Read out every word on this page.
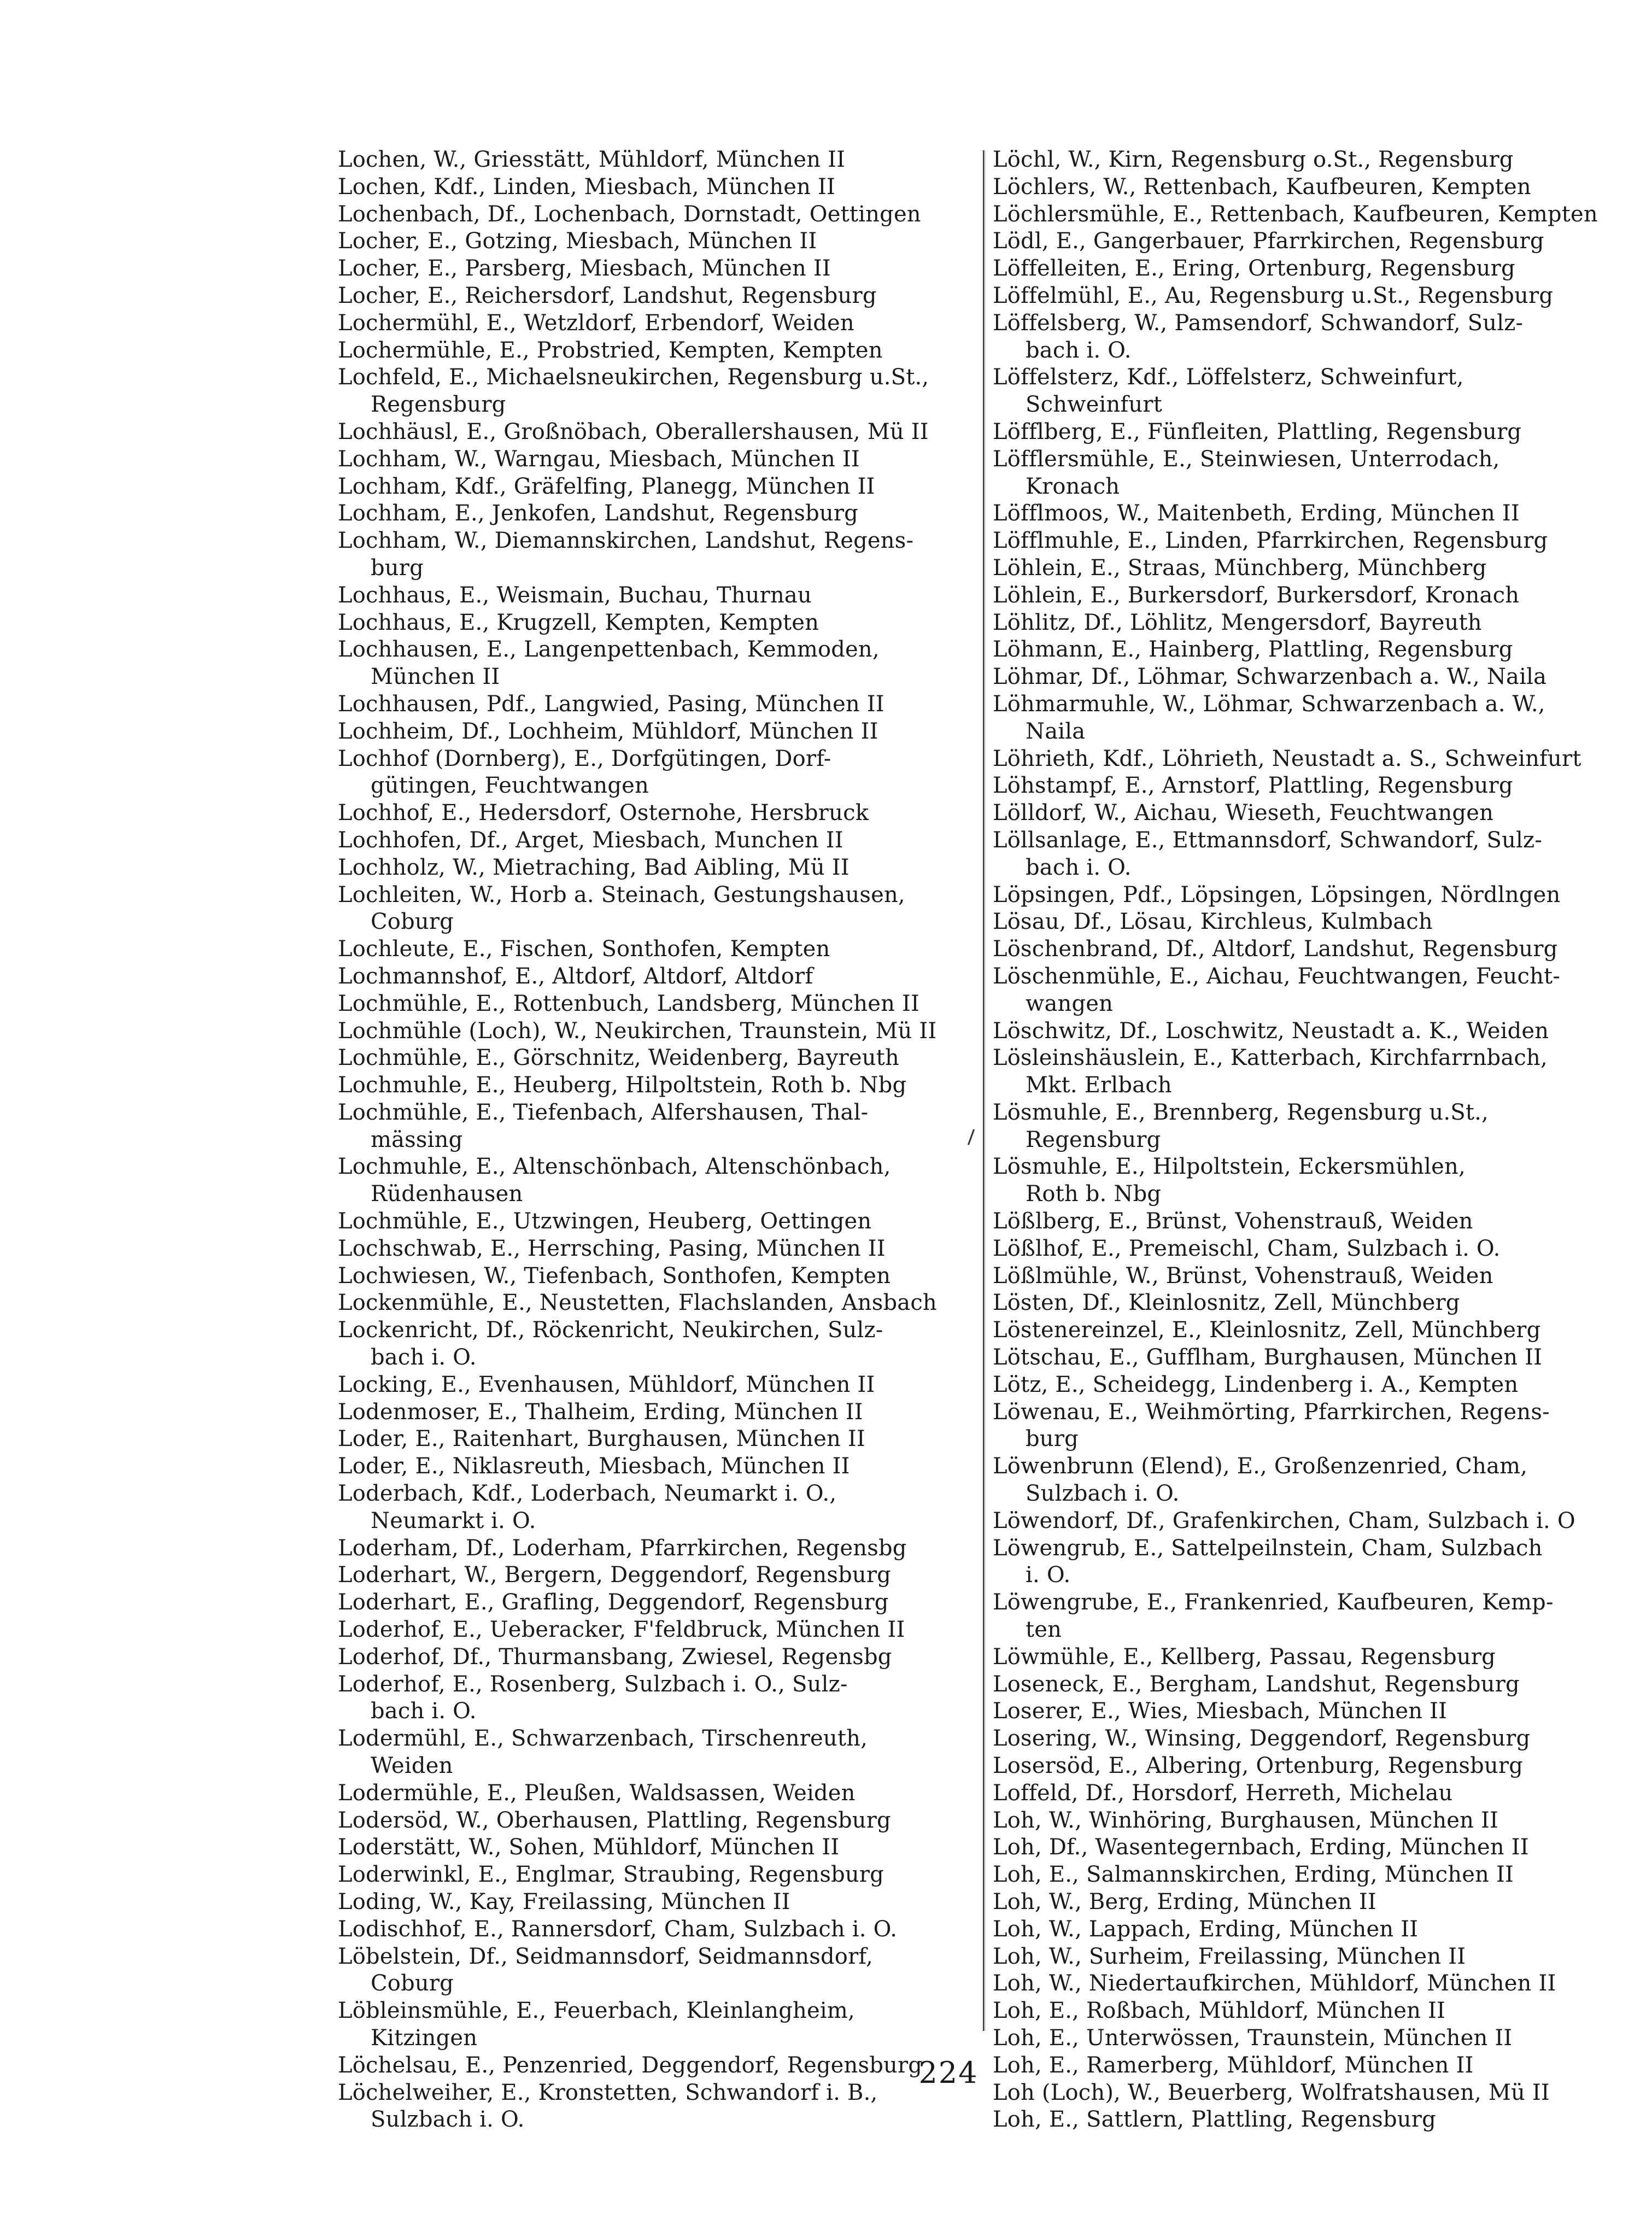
Lochen, W., Griesstätt, Mühldorf, München II
Lochen, Kdf., Linden, Miesbach, München II
Lochenbach, Df., Lochenbach, Dornstadt, Oettingen
Locher, E., Gotzing, Miesbach, München II
Locher, E., Parsberg, Miesbach, München II
Locher, E., Reichersdorf, Landshut, Regensburg
Lochermühl, E., Wetzldorf, Erbendorf, Weiden
Lochermühle, E., Probstried, Kempten, Kempten
Lochfeld, E., Michaelsneukirchen, Regensburg u.St.,
Regensburg
Lochhäusl, E., Großnöbach, Oberallershausen, Mü II
Lochham, W., Warngau, Miesbach, München II
Lochham, Kdf., Gräfelfing, Planegg, München II
Lochham, E., Jenkofen, Landshut, Regensburg
Lochham, W., Diemannskirchen, Landshut, Regens-
burg
Lochhaus, E., Weismain, Buchau, Thurnau
Lochhaus, E., Krugzell, Kempten, Kempten
Lochhausen, E., Langenpettenbach, Kemmoden,
München II
Lochhausen, Pdf., Langwied, Pasing, München II
Lochheim, Df., Lochheim, Mühldorf, München II
Lochhof (Dornberg), E., Dorfgütingen, Dorf-
gütingen, Feuchtwangen
Lochhof, E., Hedersdorf, Osternohe, Hersbruck
Lochhofen, Df., Arget, Miesbach, Munchen II
Lochholz, W., Mietraching, Bad Aibling, Mü II
Lochleiten, W., Horb a. Steinach, Gestungshausen,
Coburg
Lochleute, E., Fischen, Sonthofen, Kempten
Lochmannshof, E., Altdorf, Altdorf, Altdorf
Lochmühle, E., Rottenbuch, Landsberg, München II
Lochmühle (Loch), W., Neukirchen, Traunstein, Mü II
Lochmühle, E., Görschnitz, Weidenberg, Bayreuth
Lochmuhle, E., Heuberg, Hilpoltstein, Roth b. Nbg
Lochmühle, E., Tiefenbach, Alfershausen, Thal-
mässing
Lochmuhle, E., Altenschönbach, Altenschönbach,
Rüdenhausen
Lochmühle, E., Utzwingen, Heuberg, Oettingen
Lochschwab, E., Herrsching, Pasing, München II
Lochwiesen, W., Tiefenbach, Sonthofen, Kempten
Lockenmühle, E., Neustetten, Flachslanden, Ansbach
Lockenricht, Df., Röckenricht, Neukirchen, Sulz-
bach i. O.
Locking, E., Evenhausen, Mühldorf, München II
Lodenmoser, E., Thalheim, Erding, München II
Loder, E., Raitenhart, Burghausen, München II
Loder, E., Niklasreuth, Miesbach, München II
Loderbach, Kdf., Loderbach, Neumarkt i. O.,
Neumarkt i. O.
Loderham, Df., Loderham, Pfarrkirchen, Regensbg
Loderhart, W., Bergern, Deggendorf, Regensburg
Loderhart, E., Grafling, Deggendorf, Regensburg
Loderhof, E., Ueberacker, F'feldbruck, München II
Loderhof, Df., Thurmansbang, Zwiesel, Regensbg
Loderhof, E., Rosenberg, Sulzbach i. O., Sulz-
bach i. O.
Lodermühl, E., Schwarzenbach, Tirschenreuth,
Weiden
Lodermühle, E., Pleußen, Waldsassen, Weiden
Lodersöd, W., Oberhausen, Plattling, Regensburg
Loderstätt, W., Sohen, Mühldorf, München II
Loderwinkl, E., Englmar, Straubing, Regensburg
Loding, W., Kay, Freilassing, München II
Lodischhof, E., Rannersdorf, Cham, Sulzbach i. O.
Löbelstein, Df., Seidmannsdorf, Seidmannsdorf,
Coburg
Löbleinsmühle, E., Feuerbach, Kleinlangheim,
Kitzingen
Löchelsau, E., Penzenried, Deggendorf, Regensburg
Löchelweiher, E., Kronstetten, Schwandorf i. B.,
Sulzbach i. O.
Löchl, W., Kirn, Regensburg o.St., Regensburg
Löchlers, W., Rettenbach, Kaufbeuren, Kempten
Löchlersmühle, E., Rettenbach, Kaufbeuren, Kempten
Lödl, E., Gangerbauer, Pfarrkirchen, Regensburg
Löffelleiten, E., Ering, Ortenburg, Regensburg
Löffelmühl, E., Au, Regensburg u.St., Regensburg
Löffelsberg, W., Pamsendorf, Schwandorf, Sulz-
bach i. O.
Löffelsterz, Kdf., Löffelsterz, Schweinfurt,
Schweinfurt
Löfflberg, E., Fünfleiten, Plattling, Regensburg
Löfflersmühle, E., Steinwiesen, Unterrodach,
Kronach
Löfflmoos, W., Maitenbeth, Erding, München II
Löfflmuhle, E., Linden, Pfarrkirchen, Regensburg
Löhlein, E., Straas, Münchberg, Münchberg
Löhlein, E., Burkersdorf, Burkersdorf, Kronach
Löhlitz, Df., Löhlitz, Mengersdorf, Bayreuth
Löhmann, E., Hainberg, Plattling, Regensburg
Löhmar, Df., Löhmar, Schwarzenbach a. W., Naila
Löhmarmuhle, W., Löhmar, Schwarzenbach a. W.,
Naila
Löhrieth, Kdf., Löhrieth, Neustadt a. S., Schweinfurt
Löhstampf, E., Arnstorf, Plattling, Regensburg
Lölldorf, W., Aichau, Wieseth, Feuchtwangen
Löllsanlage, E., Ettmannsdorf, Schwandorf, Sulz-
bach i. O.
Löpsingen, Pdf., Löpsingen, Löpsingen, Nördlngen
Lösau, Df., Lösau, Kirchleus, Kulmbach
Löschenbrand, Df., Altdorf, Landshut, Regensburg
Löschenmühle, E., Aichau, Feuchtwangen, Feucht-
wangen
Löschwitz, Df., Loschwitz, Neustadt a. K., Weiden
Lösleinshäuslein, E., Katterbach, Kirchfarrnbach,
Mkt. Erlbach
Lösmuhle, E., Brennberg, Regensburg u.St.,
Regensburg
Lösmuhle, E., Hilpoltstein, Eckersmühlen,
Roth b. Nbg
Lößlberg, E., Brünst, Vohenstrauß, Weiden
Lößlhof, E., Premeischl, Cham, Sulzbach i. O.
Lößlmühle, W., Brünst, Vohenstrauß, Weiden
Lösten, Df., Kleinlosnitz, Zell, Münchberg
Löstenereinzel, E., Kleinlosnitz, Zell, Münchberg
Lötschau, E., Gufflham, Burghausen, München II
Lötz, E., Scheidegg, Lindenberg i. A., Kempten
Löwenau, E., Weihmörting, Pfarrkirchen, Regens-
burg
Löwenbrunn (Elend), E., Großenzenried, Cham,
Sulzbach i. O.
Löwendorf, Df., Grafenkirchen, Cham, Sulzbach i. O
Löwengrub, E., Sattelpeilnstein, Cham, Sulzbach
i. O.
Löwengrube, E., Frankenried, Kaufbeuren, Kemp-
ten
Löwmühle, E., Kellberg, Passau, Regensburg
Loseneck, E., Bergham, Landshut, Regensburg
Loserer, E., Wies, Miesbach, München II
Losering, W., Winsing, Deggendorf, Regensburg
Losersöd, E., Albering, Ortenburg, Regensburg
Loffeld, Df., Horsdorf, Herreth, Michelau
Loh, W., Winhöring, Burghausen, München II
Loh, Df., Wasentegernbach, Erding, München II
Loh, E., Salmannskirchen, Erding, München II
Loh, W., Berg, Erding, München II
Loh, W., Lappach, Erding, München II
Loh, W., Surheim, Freilassing, München II
Loh, W., Niedertaufkirchen, Mühldorf, München II
Loh, E., Roßbach, Mühldorf, München II
Loh, E., Unterwössen, Traunstein, München II
Loh, E., Ramerberg, Mühldorf, München II
Loh (Loch), W., Beuerberg, Wolfratshausen, Mü II
Loh, E., Sattlern, Plattling, Regensburg
224
